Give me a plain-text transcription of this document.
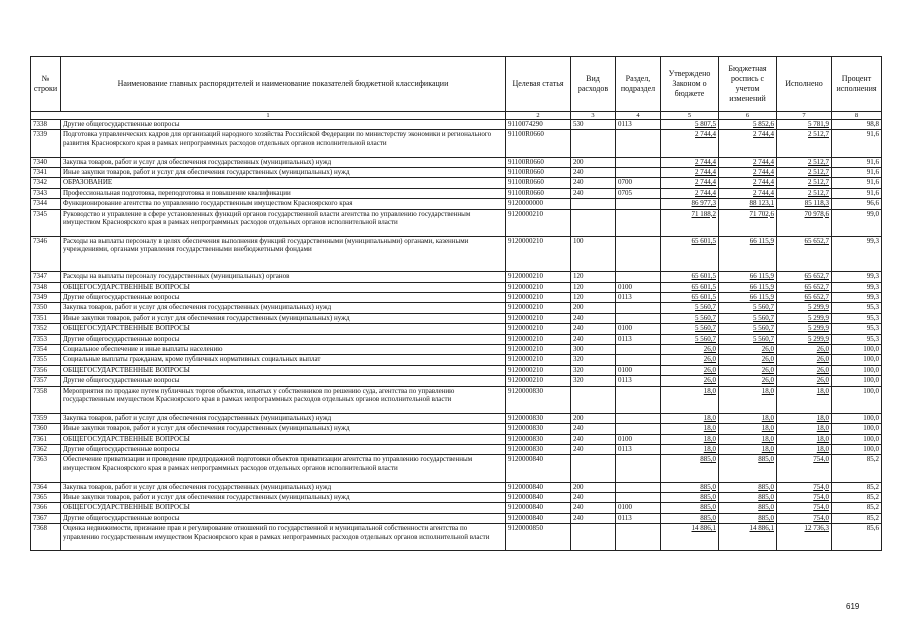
№ строки	Наименование главных распорядителей и наименование показателей бюджетной классификации	Целевая статья	Вид расходов	Раздел, подраздел	Утверждено Законом о бюджете	Бюджетная роспись с учетом изменений	Исполнено	Процент исполнения
1		2	3	4	5	6	7	8
7338	Другие общегосударственные вопросы	9110074290	530	0113	5 807,5	5 852,6	5 781,9	98,8
7339	Подготовка управленческих кадров для организаций народного хозяйства Российской Федерации по министерству экономики и регионального развития Красноярского края в рамках непрограммных расходов отдельных органов исполнительной власти	91100R0660			2 744,4	2 744,4	2 512,7	91,6
7340	Закупка товаров, работ и услуг для обеспечения государственных (муниципальных) нужд	91100R0660	200		2 744,4	2 744,4	2 512,7	91,6
7341	Иные закупки товаров, работ и услуг для обеспечения государственных (муниципальных) нужд	91100R0660	240		2 744,4	2 744,4	2 512,7	91,6
7342	ОБРАЗОВАНИЕ	91100R0660	240	0700	2 744,4	2 744,4	2 512,7	91,6
7343	Профессиональная подготовка, переподготовка и повышение квалификации	91100R0660	240	0705	2 744,4	2 744,4	2 512,7	91,6
7344	Функционирование агентства по управлению государственным имуществом Красноярского края	9120000000			86 977,3	88 123,1	85 118,3	96,6
7345	Руководство и управление в сфере установленных функций органов государственной власти агентства по управлению государственным имуществом Красноярского края в рамках непрограммных расходов отдельных органов исполнительной власти	9120000210			71 188,2	71 702,6	70 978,6	99,0
7346	Расходы на выплаты персоналу в целях обеспечения выполнения функций государственными (муниципальными) органами, казенными учреждениями, органами управления государственными внебюджетными фондами	9120000210	100		65 601,5	66 115,9	65 652,7	99,3
7347	Расходы на выплаты персоналу государственных (муниципальных) органов	9120000210	120		65 601,5	66 115,9	65 652,7	99,3
7348	ОБЩЕГОСУДАРСТВЕННЫЕ ВОПРОСЫ	9120000210	120	0100	65 601,5	66 115,9	65 652,7	99,3
7349	Другие общегосударственные вопросы	9120000210	120	0113	65 601,5	66 115,9	65 652,7	99,3
7350	Закупка товаров, работ и услуг для обеспечения государственных (муниципальных) нужд	9120000210	200		5 560,7	5 560,7	5 299,9	95,3
7351	Иные закупки товаров, работ и услуг для обеспечения государственных (муниципальных) нужд	9120000210	240		5 560,7	5 560,7	5 299,9	95,3
7352	ОБЩЕГОСУДАРСТВЕННЫЕ ВОПРОСЫ	9120000210	240	0100	5 560,7	5 560,7	5 299,9	95,3
7353	Другие общегосударственные вопросы	9120000210	240	0113	5 560,7	5 560,7	5 299,9	95,3
7354	Социальное обеспечение и иные выплаты населению	9120000210	300		26,0	26,0	26,0	100,0
7355	Социальные выплаты гражданам, кроме публичных нормативных социальных выплат	9120000210	320		26,0	26,0	26,0	100,0
7356	ОБЩЕГОСУДАРСТВЕННЫЕ ВОПРОСЫ	9120000210	320	0100	26,0	26,0	26,0	100,0
7357	Другие общегосударственные вопросы	9120000210	320	0113	26,0	26,0	26,0	100,0
7358	Мероприятия по продаже путем публичных торгов объектов, изъятых у собственников по решению суда, агентства по управлению государственным имуществом Красноярского края в рамках непрограммных расходов отдельных органов исполнительной власти	9120000830			18,0	18,0	18,0	100,0
7359	Закупка товаров, работ и услуг для обеспечения государственных (муниципальных) нужд	9120000830	200		18,0	18,0	18,0	100,0
7360	Иные закупки товаров, работ и услуг для обеспечения государственных (муниципальных) нужд	9120000830	240		18,0	18,0	18,0	100,0
7361	ОБЩЕГОСУДАРСТВЕННЫЕ ВОПРОСЫ	9120000830	240	0100	18,0	18,0	18,0	100,0
7362	Другие общегосударственные вопросы	9120000830	240	0113	18,0	18,0	18,0	100,0
7363	Обеспечение приватизации и проведение предпродажной подготовки объектов приватизации агентства по управлению государственным имуществом Красноярского края в рамках непрограммных расходов отдельных органов исполнительной власти	9120000840			885,0	885,0	754,0	85,2
7364	Закупка товаров, работ и услуг для обеспечения государственных (муниципальных) нужд	9120000840	200		885,0	885,0	754,0	85,2
7365	Иные закупки товаров, работ и услуг для обеспечения государственных (муниципальных) нужд	9120000840	240		885,0	885,0	754,0	85,2
7366	ОБЩЕГОСУДАРСТВЕННЫЕ ВОПРОСЫ	9120000840	240	0100	885,0	885,0	754,0	85,2
7367	Другие общегосударственные вопросы	9120000840	240	0113	885,0	885,0	754,0	85,2
7368	Оценка недвижимости, признание прав и регулирование отношений по государственной и муниципальной собственности агентства по управлению государственным имуществом Красноярского края в рамках непрограммных расходов отдельных органов исполнительной власти	9120000850			14 886,1	14 886,1	12 736,3	85,6
619
